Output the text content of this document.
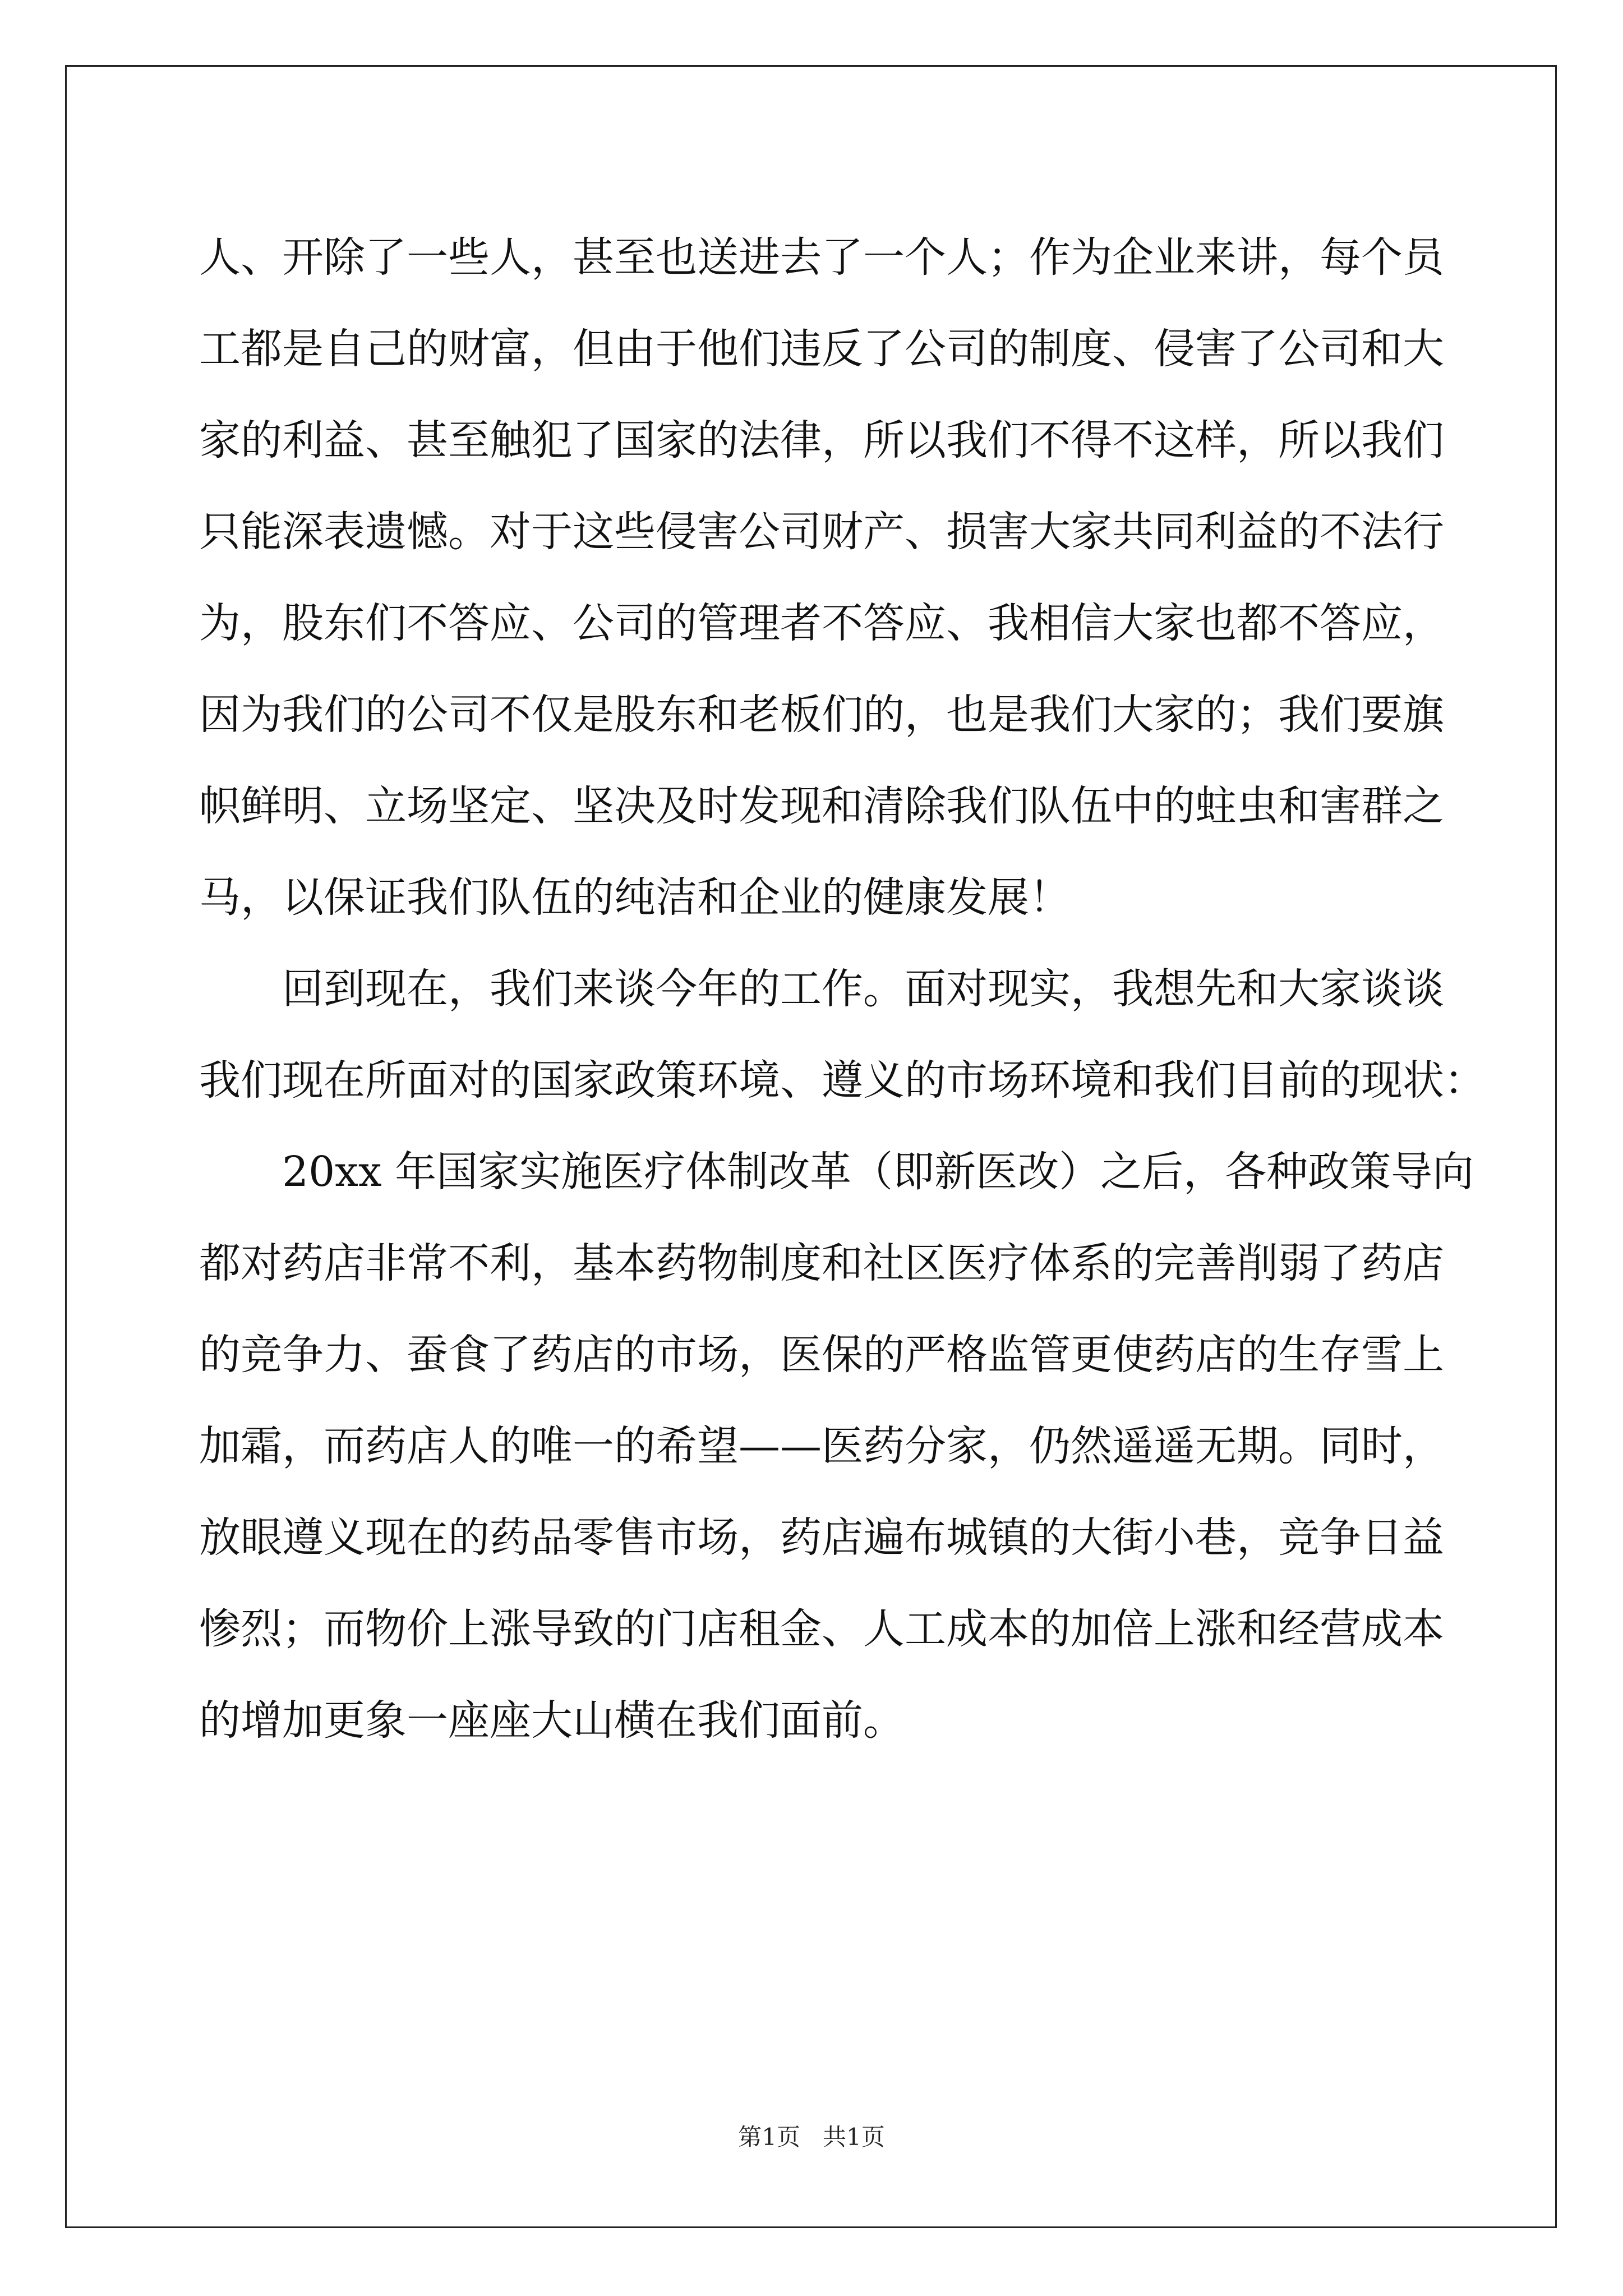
人、开除了一些人，甚至也送进去了一个人；作为企业来讲，每个员
工都是自己的财富，但由于他们违反了公司的制度、侵害了公司和大
家的利益、甚至触犯了国家的法律，所以我们不得不这样，所以我们
只能深表遗憾。对于这些侵害公司财产、损害大家共同利益的不法行
为，股东们不答应、公司的管理者不答应、我相信大家也都不答应，
因为我们的公司不仅是股东和老板们的，也是我们大家的；我们要旗
帜鲜明、立场坚定、坚决及时发现和清除我们队伍中的蛀虫和害群之
马，以保证我们队伍的纯洁和企业的健康发展！
回到现在，我们来谈今年的工作。面对现实，我想先和大家谈谈
我们现在所面对的国家政策环境、遵义的市场环境和我们目前的现状：
20xx 年国家实施医疗体制改革（即新医改）之后，各种政策导向
都对药店非常不利，基本药物制度和社区医疗体系的完善削弱了药店
的竞争力、蚕食了药店的市场，医保的严格监管更使药店的生存雪上
加霜，而药店人的唯一的希望——医药分家，仍然遥遥无期。同时，
放眼遵义现在的药品零售市场，药店遍布城镇的大街小巷，竞争日益
惨烈；而物价上涨导致的门店租金、人工成本的加倍上涨和经营成本
的增加更象一座座大山横在我们面前。
第1页   共1页
